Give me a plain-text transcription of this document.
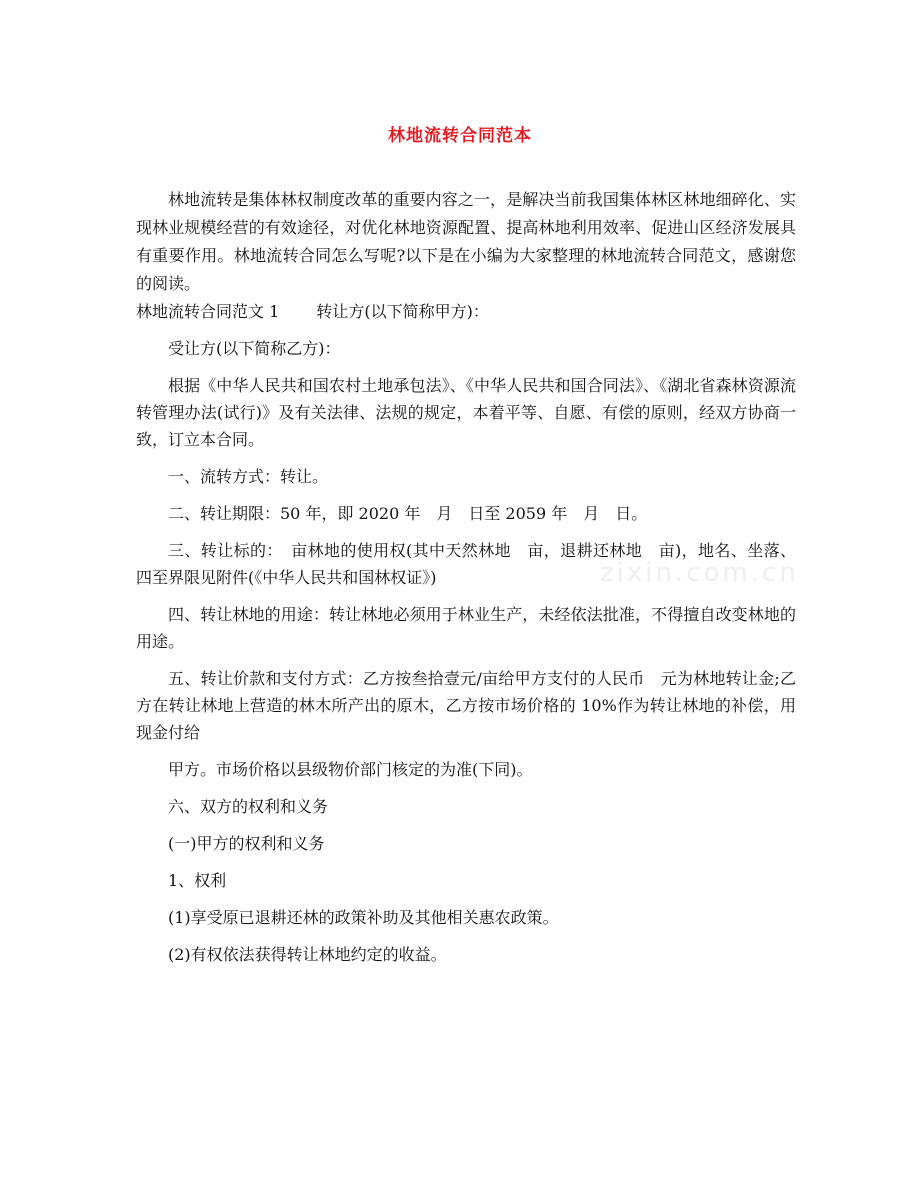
林地流转合同范本
zixin.com.cn

林地流转是集体林权制度改革的重要内容之一，是解决当前我国集体林区林地细碎化、实现林业规模经营的有效途径，对优化林地资源配置、提高林地利用效率、促进山区经济发展具有重要作用。林地流转合同怎么写呢?以下是在小编为大家整理的林地流转合同范文，感谢您的阅读。

林地流转合同范文 1　　 转让方(以下简称甲方)：

受让方(以下简称乙方)：

根据《中华人民共和国农村土地承包法》、《中华人民共和国合同法》、《湖北省森林资源流转管理办法(试行)》及有关法律、法规的规定，本着平等、自愿、有偿的原则，经双方协商一致，订立本合同。

一、流转方式：转让。

二、转让期限：50 年，即 2020 年　月　日至 2059 年　月　日。

三、转让标的：　亩林地的使用权(其中天然林地　亩，退耕还林地　亩)，地名、坐落、四至界限见附件(《中华人民共和国林权证》)

四、转让林地的用途：转让林地必须用于林业生产，未经依法批准，不得擅自改变林地的用途。

五、转让价款和支付方式：乙方按叁拾壹元/亩给甲方支付的人民币　元为林地转让金;乙方在转让林地上营造的林木所产出的原木，乙方按市场价格的 10%作为转让林地的补偿，用现金付给

甲方。市场价格以县级物价部门核定的为准(下同)。

六、双方的权利和义务

(一)甲方的权利和义务

1、权利

(1)享受原已退耕还林的政策补助及其他相关惠农政策。

(2)有权依法获得转让林地约定的收益。
